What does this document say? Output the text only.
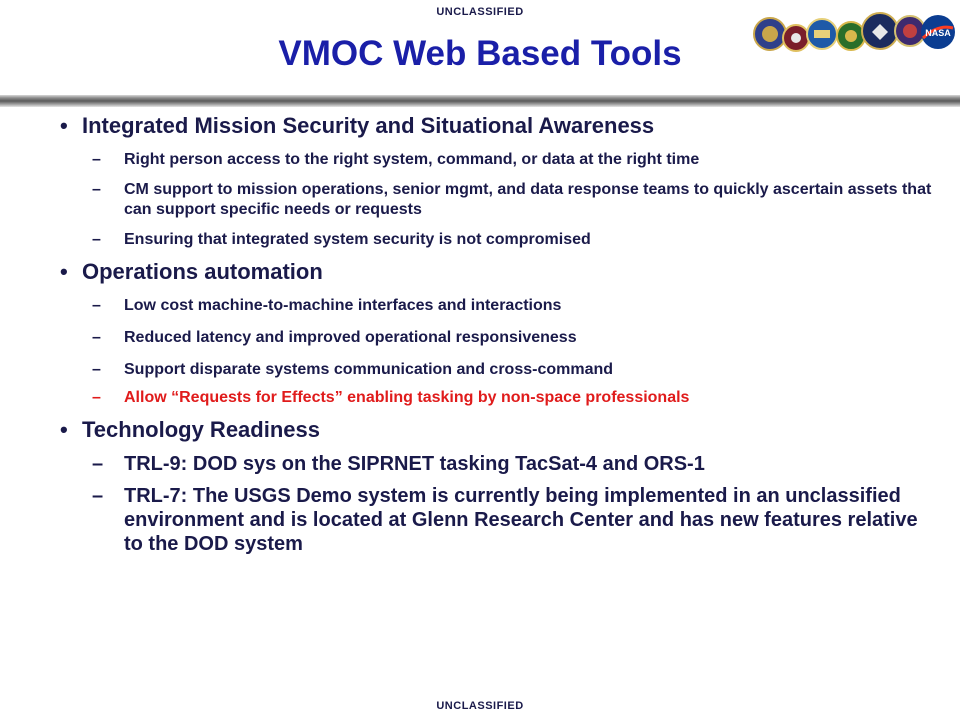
UNCLASSIFIED
NASA
VMOC Web Based Tools
• Integrated Mission Security and Situational Awareness
– Right person access to the right system, command, or data at the right time
– CM support to mission operations, senior mgmt, and data response teams to quickly ascertain assets that can support specific needs or requests
– Ensuring that integrated system security is not compromised
• Operations automation
– Low cost machine-to-machine interfaces and interactions
– Reduced latency and improved operational responsiveness
– Support disparate systems communication and cross-command
– Allow “Requests for Effects” enabling tasking by non-space professionals
• Technology Readiness
– TRL-9: DOD sys on the SIPRNET tasking TacSat-4 and ORS-1
– TRL-7: The USGS Demo system is currently being implemented in an unclassified environment and is located at Glenn Research Center and has new features relative to the DOD system
UNCLASSIFIED
